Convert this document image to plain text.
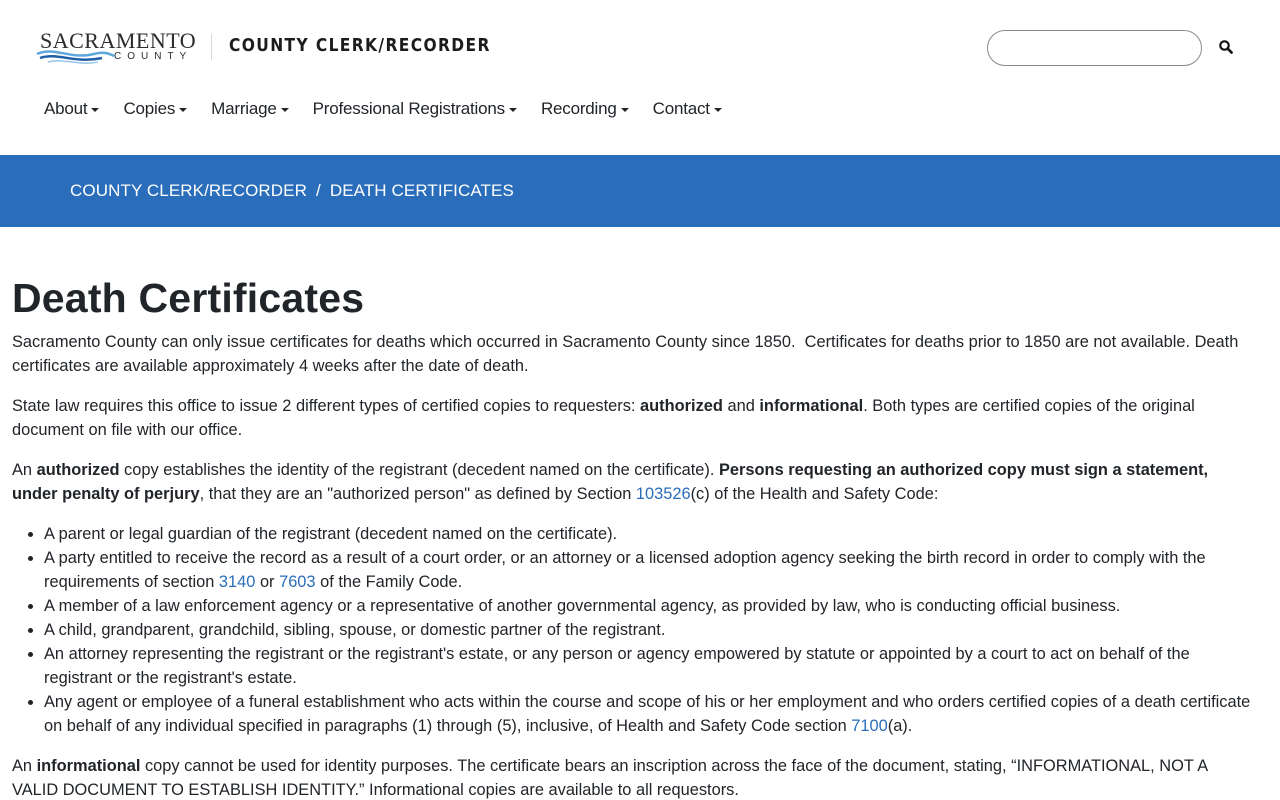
SACRAMENTO
COUNTY
COUNTY CLERK/RECORDER
About Copies Marriage Professional Registrations Recording Contact
COUNTY CLERK/RECORDER / DEATH CERTIFICATES
Death Certificates

Sacramento County can only issue certificates for deaths which occurred in Sacramento County since 1850.  Certificates for deaths prior to 1850 are not available. Death certificates are available approximately 4 weeks after the date of death.

State law requires this office to issue 2 different types of certified copies to requesters: authorized and informational. Both types are certified copies of the original document on file with our office.

An authorized copy establishes the identity of the registrant (decedent named on the certificate). Persons requesting an authorized copy must sign a statement, under penalty of perjury, that they are an "authorized person" as defined by Section 103526(c) of the Health and Safety Code:

• A parent or legal guardian of the registrant (decedent named on the certificate).
• A party entitled to receive the record as a result of a court order, or an attorney or a licensed adoption agency seeking the birth record in order to comply with the requirements of section 3140 or 7603 of the Family Code.
• A member of a law enforcement agency or a representative of another governmental agency, as provided by law, who is conducting official business.
• A child, grandparent, grandchild, sibling, spouse, or domestic partner of the registrant.
• An attorney representing the registrant or the registrant's estate, or any person or agency empowered by statute or appointed by a court to act on behalf of the registrant or the registrant's estate.
• Any agent or employee of a funeral establishment who acts within the course and scope of his or her employment and who orders certified copies of a death certificate on behalf of any individual specified in paragraphs (1) through (5), inclusive, of Health and Safety Code section 7100(a).

An informational copy cannot be used for identity purposes. The certificate bears an inscription across the face of the document, stating, “INFORMATIONAL, NOT A VALID DOCUMENT TO ESTABLISH IDENTITY.” Informational copies are available to all requestors.
